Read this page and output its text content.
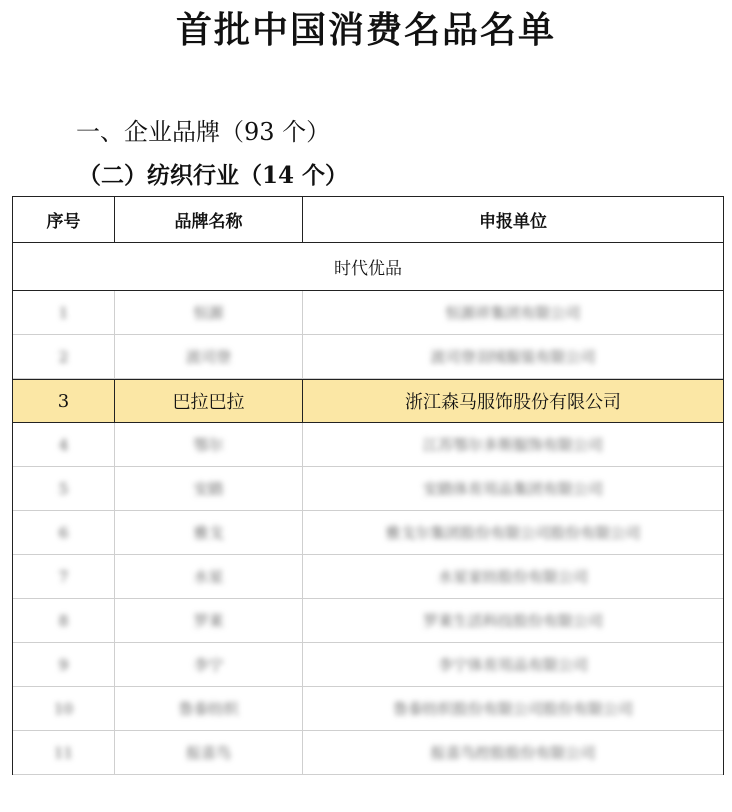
首批中国消费名品名单
一、企业品牌（93 个）
（二）纺织行业（14 个）
序号	品牌名称	申报单位
时代优品
1	恒源	恒源祥集团有限公司
2	波司登	波司登羽绒服装有限公司
3	巴拉巴拉	浙江森马服饰股份有限公司
4	鄂尔	江苏鄂尔多斯服饰有限公司
5	安踏	安踏体育用品集团有限公司
6	雅戈	雅戈尔集团股份有限公司股份有限公司
7	水星	水星家纺股份有限公司
8	罗莱	罗莱生活科技股份有限公司
9	李宁	李宁体育用品有限公司
10	鲁泰纺织	鲁泰纺织股份有限公司股份有限公司
11	报喜鸟	报喜鸟控股股份有限公司
